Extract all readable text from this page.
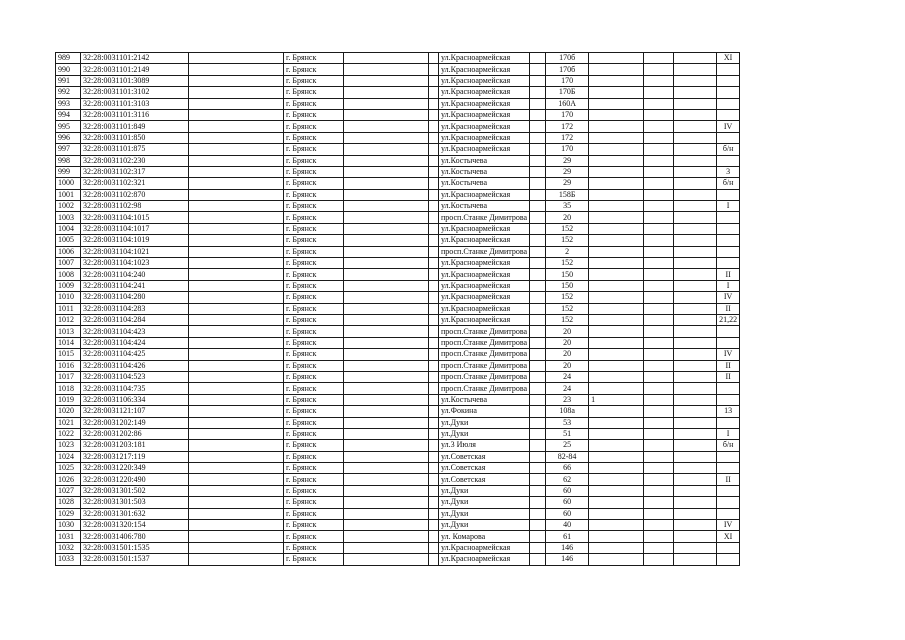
989	32:28:0031101:2142		г. Брянск			ул.Красноармейская		170б				XI
990	32:28:0031101:2149		г. Брянск			ул.Красноармейская		170б				
991	32:28:0031101:3089		г. Брянск			ул.Красноармейская		170				
992	32:28:0031101:3102		г. Брянск			ул.Красноармейская		170Б				
993	32:28:0031101:3103		г. Брянск			ул.Красноармейская		160А				
994	32:28:0031101:3116		г. Брянск			ул.Красноармейская		170				
995	32:28:0031101:849		г. Брянск			ул.Красноармейская		172				IV
996	32:28:0031101:850		г. Брянск			ул.Красноармейская		172				
997	32:28:0031101:875		г. Брянск			ул.Красноармейская		170				б/н
998	32:28:0031102:230		г. Брянск			ул.Костычева		29				
999	32:28:0031102:317		г. Брянск			ул.Костычева		29				3
1000	32:28:0031102:321		г. Брянск			ул.Костычева		29				б/н
1001	32:28:0031102:870		г. Брянск			ул.Красноармейская		158Б				
1002	32:28:0031102:98		г. Брянск			ул.Костычева		35				I
1003	32:28:0031104:1015		г. Брянск			просп.Станке Димитрова		20				
1004	32:28:0031104:1017		г. Брянск			ул.Красноармейская		152				
1005	32:28:0031104:1019		г. Брянск			ул.Красноармейская		152				
1006	32:28:0031104:1021		г. Брянск			просп.Станке Димитрова		2				
1007	32:28:0031104:1023		г. Брянск			ул.Красноармейская		152				
1008	32:28:0031104:240		г. Брянск			ул.Красноармейская		150				II
1009	32:28:0031104:241		г. Брянск			ул.Красноармейская		150				I
1010	32:28:0031104:280		г. Брянск			ул.Красноармейская		152				IV
1011	32:28:0031104:283		г. Брянск			ул.Красноармейская		152				II
1012	32:28:0031104:284		г. Брянск			ул.Красноармейская		152				21,22
1013	32:28:0031104:423		г. Брянск			просп.Станке Димитрова		20				
1014	32:28:0031104:424		г. Брянск			просп.Станке Димитрова		20				
1015	32:28:0031104:425		г. Брянск			просп.Станке Димитрова		20				IV
1016	32:28:0031104:426		г. Брянск			просп.Станке Димитрова		20				II
1017	32:28:0031104:523		г. Брянск			просп.Станке Димитрова		24				II
1018	32:28:0031104:735		г. Брянск			просп.Станке Димитрова		24				
1019	32:28:0031106:334		г. Брянск			ул.Костычева		23	1			
1020	32:28:0031121:107		г. Брянск			ул.Фокина		108а				13
1021	32:28:0031202:149		г. Брянск			ул.Дуки		53				
1022	32:28:0031202:86		г. Брянск			ул.Дуки		51				I
1023	32:28:0031203:181		г. Брянск			ул.3 Июля		25				б/н
1024	32:28:0031217:119		г. Брянск			ул.Советская		82-84				
1025	32:28:0031220:349		г. Брянск			ул.Советская		66				
1026	32:28:0031220:490		г. Брянск			ул.Советская		62				II
1027	32:28:0031301:502		г. Брянск			ул.Дуки		60				
1028	32:28:0031301:503		г. Брянск			ул.Дуки		60				
1029	32:28:0031301:632		г. Брянск			ул.Дуки		60				
1030	32:28:0031320:154		г. Брянск			ул.Дуки		40				IV
1031	32:28:0031406:780		г. Брянск			ул. Комарова		61				XI
1032	32:28:0031501:1535		г. Брянск			ул.Красноармейская		146				
1033	32:28:0031501:1537		г. Брянск			ул.Красноармейская		146				
